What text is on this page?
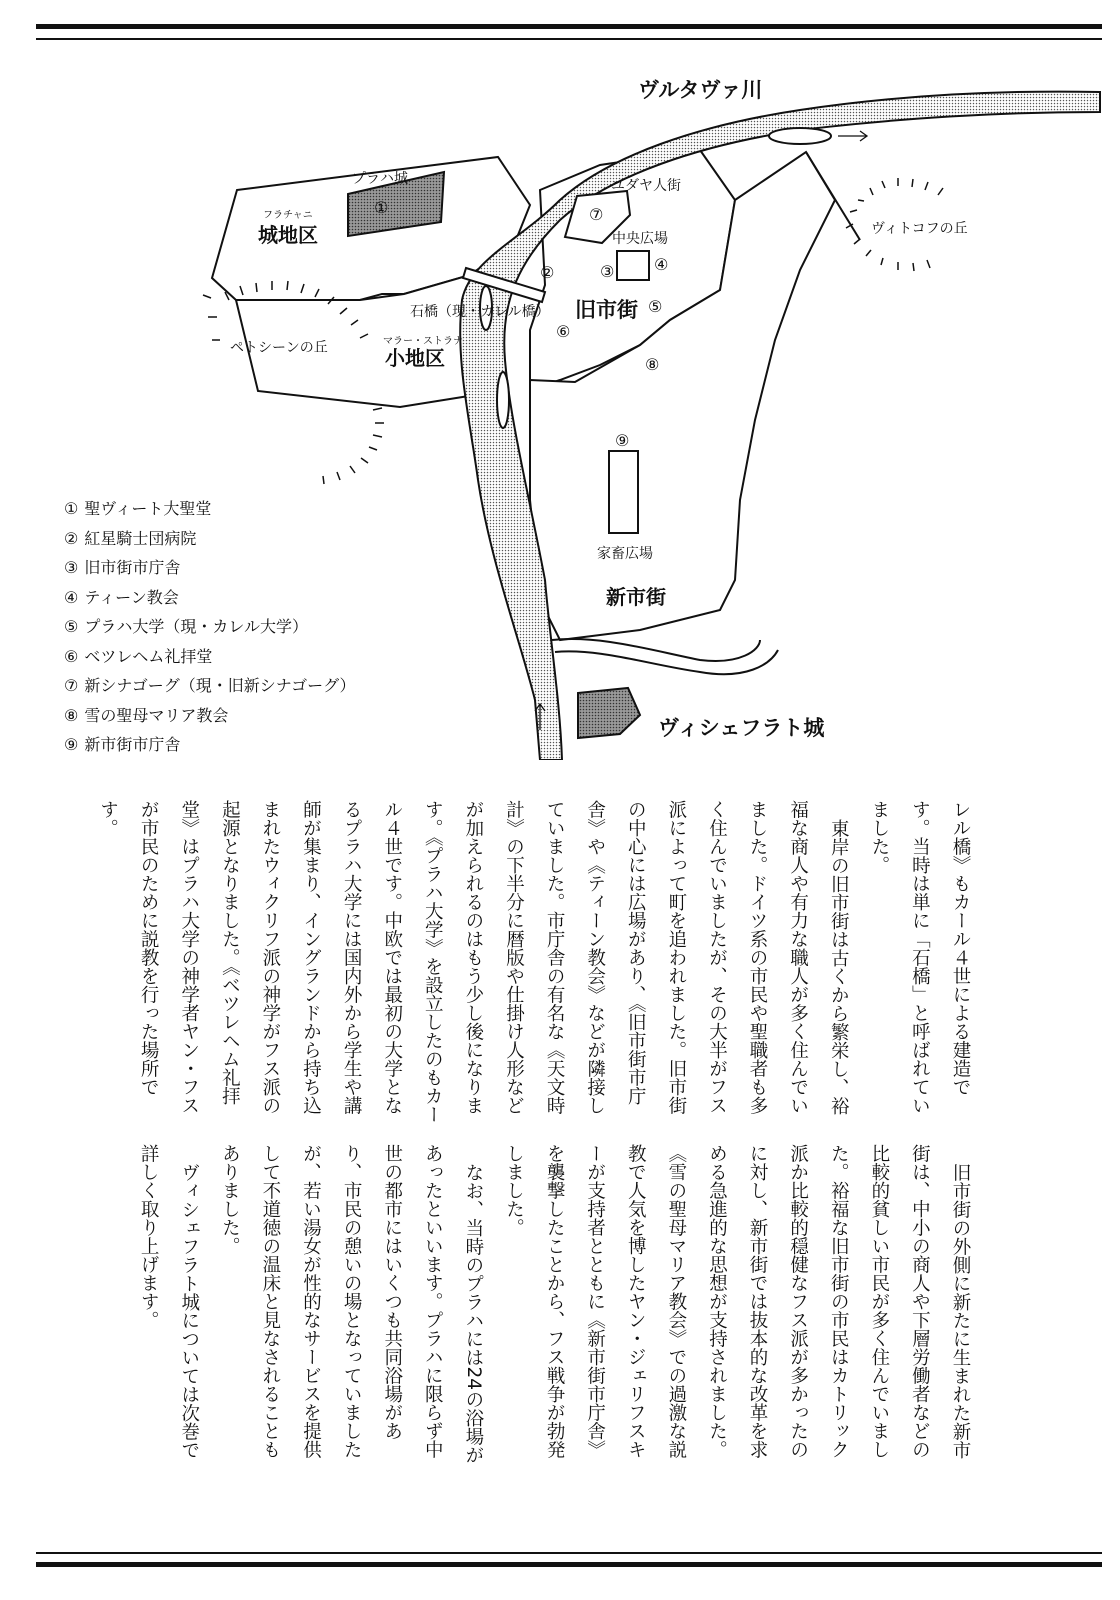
ヴルタヴァ川
プラハ城
フラチャニ
城地区
マラー・ストラナ
小地区
ペトシーンの丘
石橋（現・カレル橋）
ユダヤ人街
中央広場
旧市街
ヴィトコフの丘
家畜広場
新市街
ヴィシェフラト城
①
②	③ ④
⑤
⑥
⑦
⑧
⑨
① 聖ヴィート大聖堂
② 紅星騎士団病院
③ 旧市街市庁舎
④ ティーン教会
⑤ プラハ大学（現・カレル大学）
⑥ ベツレヘム礼拝堂
⑦ 新シナゴーグ（現・旧新シナゴーグ）
⑧ 雪の聖母マリア教会
⑨ 新市街市庁舎

レル橋》もカール４世による建造です。当時は単に「石橋」と呼ばれていました。

東岸の旧市街は古くから繁栄し、裕福な商人や有力な職人が多く住んでいました。ドイツ系の市民や聖職者も多く住んでいましたが、その大半がフス派によって町を追われました。旧市街の中心には広場があり、《旧市街市庁舎》や《ティーン教会》などが隣接していました。市庁舎の有名な《天文時計》の下半分に暦版や仕掛け人形などが加えられるのはもう少し後になります。《プラハ大学》を設立したのもカール４世です。中欧では最初の大学となるプラハ大学には国内外から学生や講師が集まり、イングランドから持ち込まれたウィクリフ派の神学がフス派の起源となりました。《ベツレヘム礼拝堂》はプラハ大学の神学者ヤン・フスが市民のために説教を行った場所です。

旧市街の外側に新たに生まれた新市街は、中小の商人や下層労働者などの比較的貧しい市民が多く住んでいました。裕福な旧市街の市民はカトリック派か比較的穏健なフス派が多かったのに対し、新市街では抜本的な改革を求める急進的な思想が支持されました。《雪の聖母マリア教会》での過激な説教で人気を博したヤン・ジェリフスキーが支持者とともに《新市街市庁舎》を襲撃したことから、フス戦争が勃発しました。

なお、当時のプラハには24の浴場があったといいます。プラハに限らず中世の都市にはいくつも共同浴場があり、市民の憩いの場となっていましたが、若い湯女が性的なサービスを提供して不道徳の温床と見なされることもありました。

ヴィシェフラト城については次巻で詳しく取り上げます。
